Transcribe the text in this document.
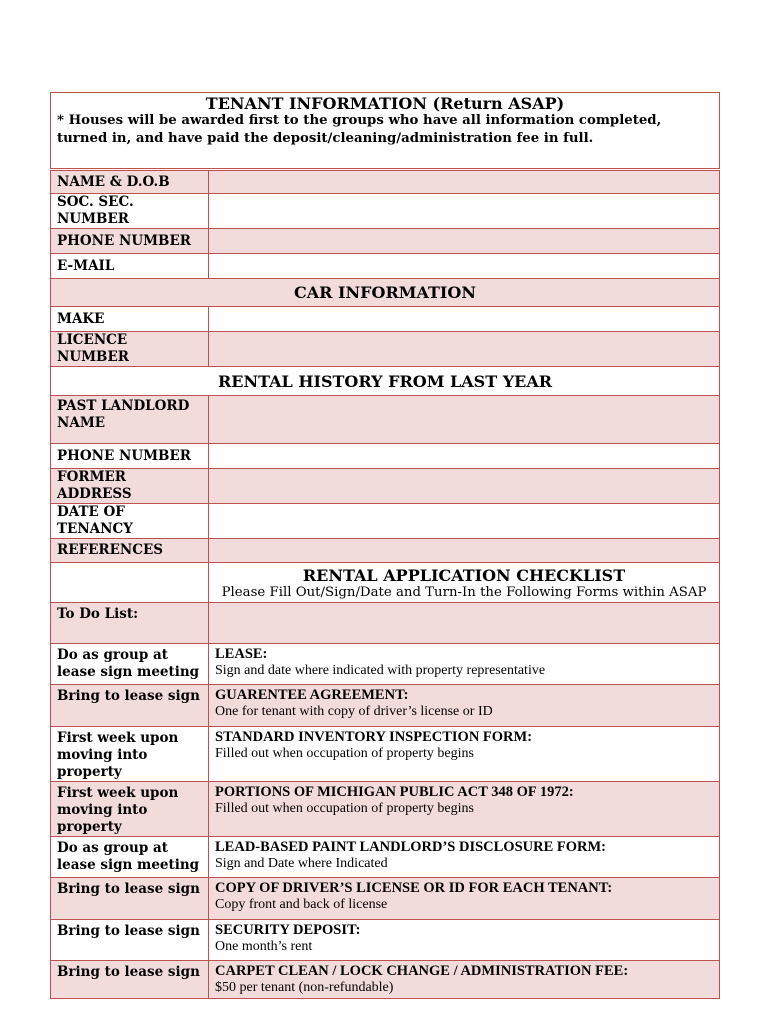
TENANT INFORMATION (Return ASAP)
* Houses will be awarded first to the groups who have all information completed, turned in, and have paid the deposit/cleaning/administration fee in full.	

NAME & D.O.B	
SOC. SEC. NUMBER	
PHONE NUMBER	
E-MAIL	
CAR INFORMATION	
MAKE	
LICENCE NUMBER	
RENTAL HISTORY FROM LAST YEAR	
PAST LANDLORD NAME	
PHONE NUMBER	
FORMER ADDRESS	
DATE OF TENANCY	
REFERENCES	
	RENTAL APPLICATION CHECKLIST
Please Fill Out/Sign/Date and Turn-In the Following Forms within ASAP

To Do List:	
Do as group at lease sign meeting	LEASE:
Sign and date where indicated with property representative

Bring to lease sign	GUARENTEE AGREEMENT:
One for tenant with copy of driver’s license or ID

First week upon moving into property	STANDARD INVENTORY INSPECTION FORM:
Filled out when occupation of property begins

First week upon moving into property	PORTIONS OF MICHIGAN PUBLIC ACT 348 OF 1972:
Filled out when occupation of property begins

Do as group at lease sign meeting	LEAD-BASED PAINT LANDLORD’S DISCLOSURE FORM:
Sign and Date where Indicated

Bring to lease sign	COPY OF DRIVER’S LICENSE OR ID FOR EACH TENANT:
Copy front and back of license

Bring to lease sign	SECURITY DEPOSIT:
One month’s rent

Bring to lease sign	CARPET CLEAN / LOCK CHANGE / ADMINISTRATION FEE:
$50 per tenant (non-refundable)
